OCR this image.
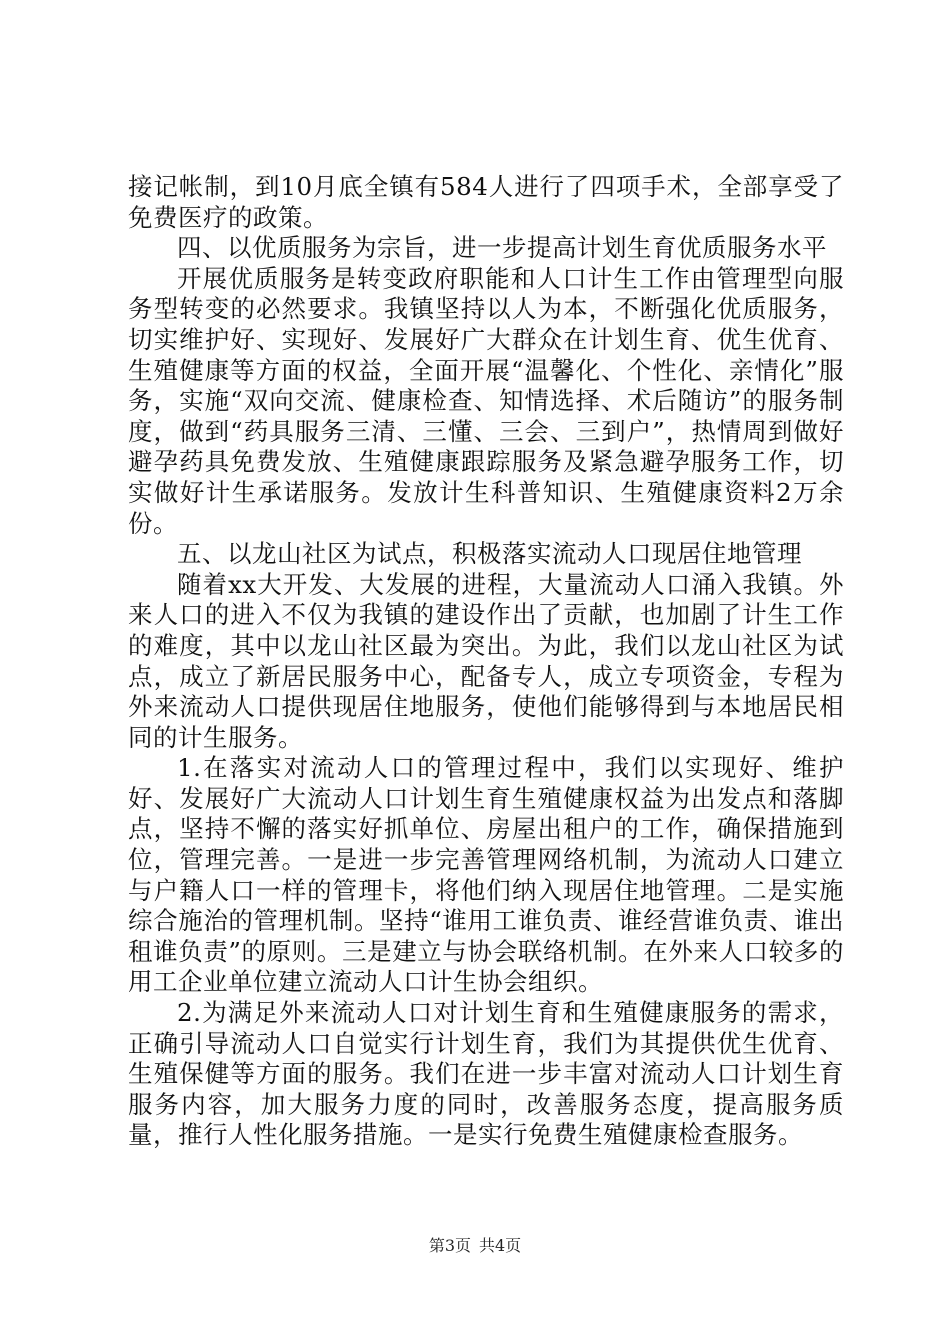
接记帐制，到10月底全镇有584人进行了四项手术，全部享受了免费医疗的政策。

四、以优质服务为宗旨，进一步提高计划生育优质服务水平

开展优质服务是转变政府职能和人口计生工作由管理型向服务型转变的必然要求。我镇坚持以人为本，不断强化优质服务，切实维护好、实现好、发展好广大群众在计划生育、优生优育、生殖健康等方面的权益，全面开展“温馨化、个性化、亲情化”服务，实施“双向交流、健康检查、知情选择、术后随访”的服务制度，做到“药具服务三清、三懂、三会、三到户”，热情周到做好避孕药具免费发放、生殖健康跟踪服务及紧急避孕服务工作，切实做好计生承诺服务。发放计生科普知识、生殖健康资料2万余份。

五、以龙山社区为试点，积极落实流动人口现居住地管理

随着xx大开发、大发展的进程，大量流动人口涌入我镇。外来人口的进入不仅为我镇的建设作出了贡献，也加剧了计生工作的难度，其中以龙山社区最为突出。为此，我们以龙山社区为试点，成立了新居民服务中心，配备专人，成立专项资金，专程为外来流动人口提供现居住地服务，使他们能够得到与本地居民相同的计生服务。

1.在落实对流动人口的管理过程中，我们以实现好、维护好、发展好广大流动人口计划生育生殖健康权益为出发点和落脚点，坚持不懈的落实好抓单位、房屋出租户的工作，确保措施到位，管理完善。一是进一步完善管理网络机制，为流动人口建立与户籍人口一样的管理卡，将他们纳入现居住地管理。二是实施综合施治的管理机制。坚持“谁用工谁负责、谁经营谁负责、谁出租谁负责”的原则。三是建立与协会联络机制。在外来人口较多的用工企业单位建立流动人口计生协会组织。

2.为满足外来流动人口对计划生育和生殖健康服务的需求，正确引导流动人口自觉实行计划生育，我们为其提供优生优育、生殖保健等方面的服务。我们在进一步丰富对流动人口计划生育服务内容，加大服务力度的同时，改善服务态度，提高服务质量，推行人性化服务措施。一是实行免费生殖健康检查服务。

第3页 共4页
